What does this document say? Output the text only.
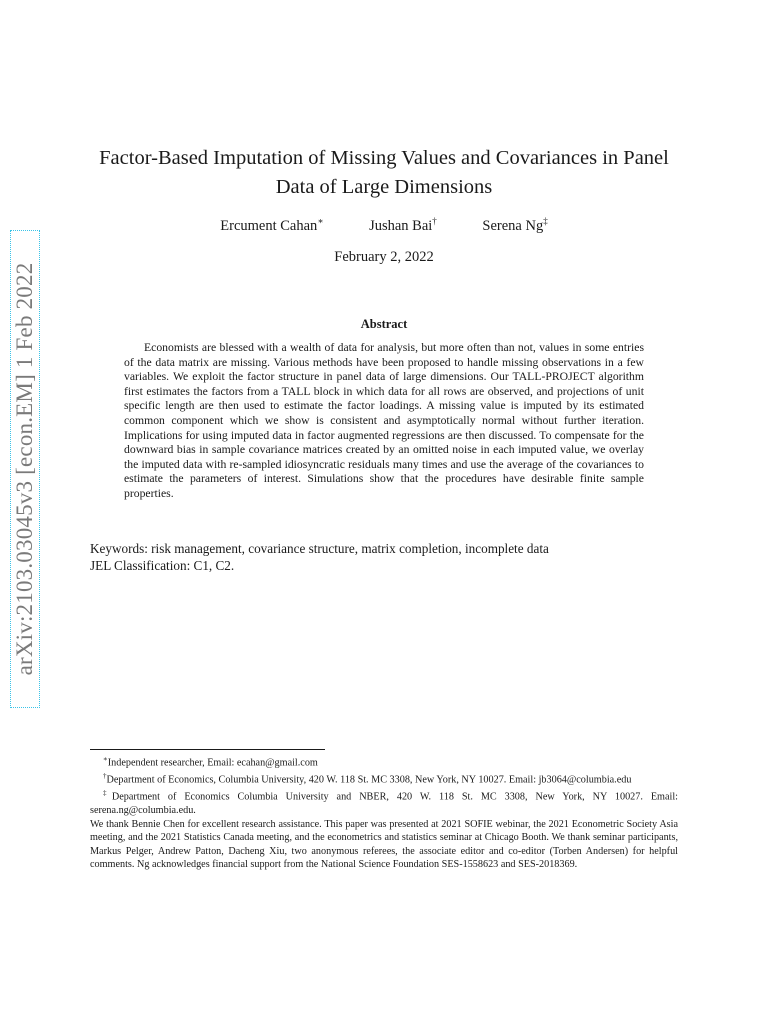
arXiv:2103.03045v3 [econ.EM] 1 Feb 2022
Factor-Based Imputation of Missing Values and Covariances in Panel Data of Large Dimensions
Ercument Cahan∗	Jushan Bai†	Serena Ng‡
February 2, 2022
Abstract

Economists are blessed with a wealth of data for analysis, but more often than not, values in some entries of the data matrix are missing. Various methods have been proposed to handle missing observations in a few variables. We exploit the factor structure in panel data of large dimensions. Our TALL-PROJECT algorithm first estimates the factors from a TALL block in which data for all rows are observed, and projections of unit specific length are then used to estimate the factor loadings. A missing value is imputed by its estimated common component which we show is consistent and asymptotically normal without further iteration. Implications for using imputed data in factor augmented regressions are then discussed. To compensate for the downward bias in sample covariance matrices created by an omitted noise in each imputed value, we overlay the imputed data with re-sampled idiosyncratic residuals many times and use the average of the covariances to estimate the parameters of interest. Simulations show that the procedures have desirable finite sample properties.

Keywords: risk management, covariance structure, matrix completion, incomplete data
JEL Classification: C1, C2.

∗Independent researcher, Email: ecahan@gmail.com

†Department of Economics, Columbia University, 420 W. 118 St. MC 3308, New York, NY 10027. Email: jb3064@columbia.edu

‡Department of Economics Columbia University and NBER, 420 W. 118 St. MC 3308, New York, NY 10027. Email: serena.ng@columbia.edu.

We thank Bennie Chen for excellent research assistance. This paper was presented at 2021 SOFIE webinar, the 2021 Econometric Society Asia meeting, and the 2021 Statistics Canada meeting, and the econometrics and statistics seminar at Chicago Booth. We thank seminar participants, Markus Pelger, Andrew Patton, Dacheng Xiu, two anonymous referees, the associate editor and co-editor (Torben Andersen) for helpful comments. Ng acknowledges financial support from the National Science Foundation SES-1558623 and SES-2018369.
